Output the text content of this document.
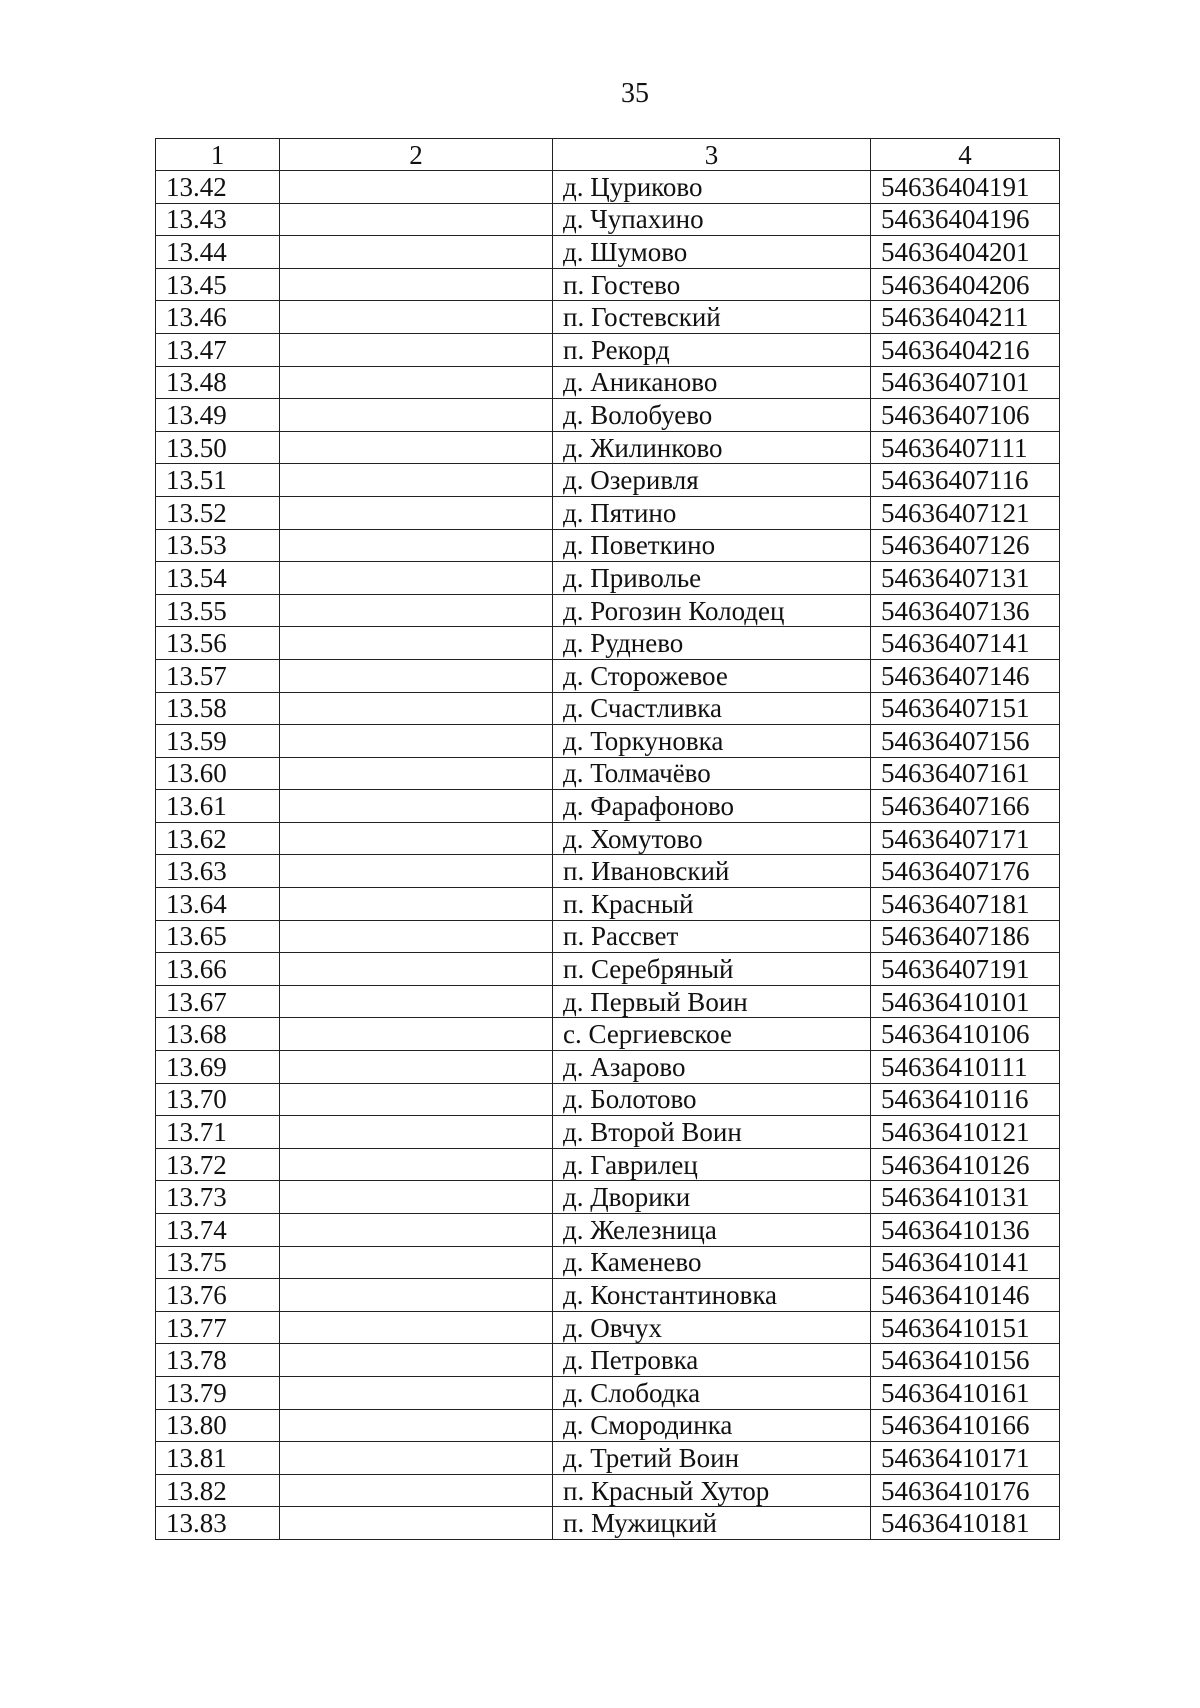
35
1	2	3	4
13.42		д. Цуриково	54636404191
13.43		д. Чупахино	54636404196
13.44		д. Шумово	54636404201
13.45		п. Гостево	54636404206
13.46		п. Гостевский	54636404211
13.47		п. Рекорд	54636404216
13.48		д. Аниканово	54636407101
13.49		д. Волобуево	54636407106
13.50		д. Жилинково	54636407111
13.51		д. Озеривля	54636407116
13.52		д. Пятино	54636407121
13.53		д. Поветкино	54636407126
13.54		д. Приволье	54636407131
13.55		д. Рогозин Колодец	54636407136
13.56		д. Руднево	54636407141
13.57		д. Сторожевое	54636407146
13.58		д. Счастливка	54636407151
13.59		д. Торкуновка	54636407156
13.60		д. Толмачёво	54636407161
13.61		д. Фарафоново	54636407166
13.62		д. Хомутово	54636407171
13.63		п. Ивановский	54636407176
13.64		п. Красный	54636407181
13.65		п. Рассвет	54636407186
13.66		п. Серебряный	54636407191
13.67		д. Первый Воин	54636410101
13.68		с. Сергиевское	54636410106
13.69		д. Азарово	54636410111
13.70		д. Болотово	54636410116
13.71		д. Второй Воин	54636410121
13.72		д. Гаврилец	54636410126
13.73		д. Дворики	54636410131
13.74		д. Железница	54636410136
13.75		д. Каменево	54636410141
13.76		д. Константиновка	54636410146
13.77		д. Овчух	54636410151
13.78		д. Петровка	54636410156
13.79		д. Слободка	54636410161
13.80		д. Смородинка	54636410166
13.81		д. Третий Воин	54636410171
13.82		п. Красный Хутор	54636410176
13.83		п. Мужицкий	54636410181
